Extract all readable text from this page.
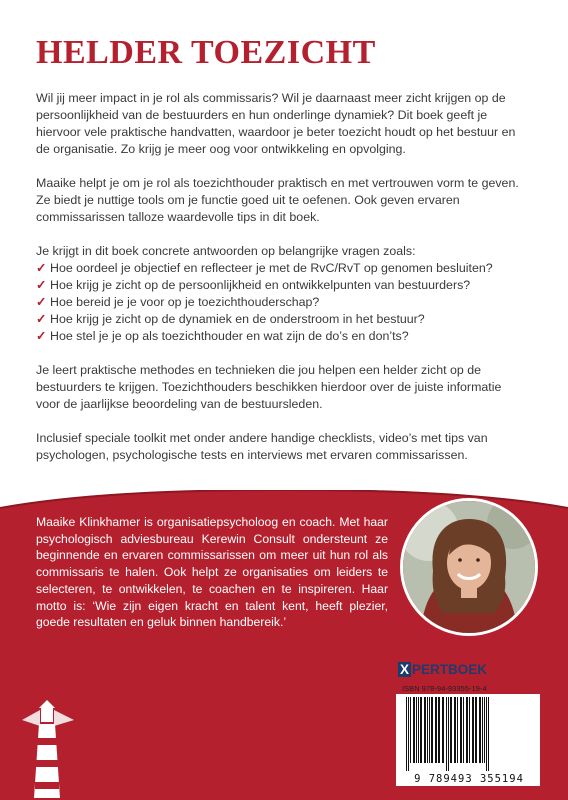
HELDER TOEZICHT

Wil jij meer impact in je rol als commissaris? Wil je daarnaast meer zicht krijgen op de persoonlijkheid van de bestuurders en hun onderlinge dynamiek? Dit boek geeft je hiervoor vele praktische handvatten, waardoor je beter toezicht houdt op het bestuur en de organisatie. Zo krijg je meer oog voor ontwikkeling en opvolging.

Maaike helpt je om je rol als toezichthouder praktisch en met vertrouwen vorm te geven. Ze biedt je nuttige tools om je functie goed uit te oefenen. Ook geven ervaren commissarissen talloze waardevolle tips in dit boek.

Je krijgt in dit boek concrete antwoorden op belangrijke vragen zoals:
✓ Hoe oordeel je objectief en reflecteer je met de RvC/RvT op genomen besluiten?
✓ Hoe krijg je zicht op de persoonlijkheid en ontwikkelpunten van bestuurders?
✓ Hoe bereid je je voor op je toezichthouderschap?
✓ Hoe krijg je zicht op de dynamiek en de onderstroom in het bestuur?
✓ Hoe stel je je op als toezichthouder en wat zijn de do’s en don’ts?

Je leert praktische methodes en technieken die jou helpen een helder zicht op de bestuurders te krijgen. Toezichthouders beschikken hierdoor over de juiste informatie voor de jaarlijkse beoordeling van de bestuursleden.

Inclusief speciale toolkit met onder andere handige checklists, video’s met tips van psychologen, psychologische tests en interviews met ervaren commissarissen.

Maaike Klinkhamer is organisatiepsycholoog en coach. Met haar psychologisch adviesbureau Kerewin Consult ondersteunt ze beginnende en ervaren commissarissen om meer uit hun rol als commissaris te halen. Ook helpt ze organisaties om leiders te selecteren, te ontwikkelen, te coachen en te inspireren. Haar motto is: ‘Wie zijn eigen kracht en talent kent, heeft plezier, goede resultaten en geluk binnen handbereik.’
X PERTBOEK
ISBN 978-94-93355-19-4
9 789493 355194
